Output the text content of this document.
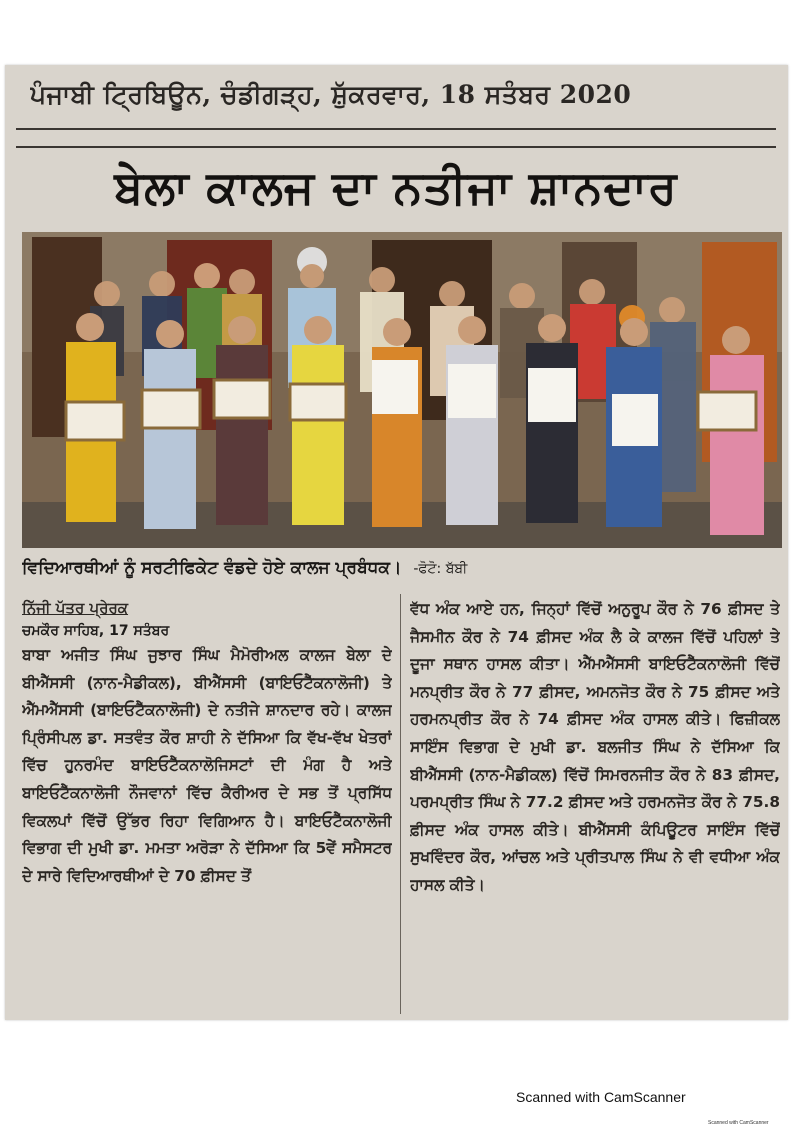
ਪੰਜਾਬੀ ਟ੍ਰਿਬਿਊਨ, ਚੰਡੀਗੜ੍ਹ, ਸ਼ੁੱਕਰਵਾਰ, 18 ਸਤੰਬਰ 2020
ਬੇਲਾ ਕਾਲਜ ਦਾ ਨਤੀਜਾ ਸ਼ਾਨਦਾਰ
ਵਿਦਿਆਰਥੀਆਂ ਨੂੰ ਸਰਟੀਫਿਕੇਟ ਵੰਡਦੇ ਹੋਏ ਕਾਲਜ ਪ੍ਰਬੰਧਕ। -ਫੋਟੋ: ਬੱਬੀ
ਨਿੱਜੀ ਪੱਤਰ ਪ੍ਰੇਰਕ
ਚਮਕੌਰ ਸਾਹਿਬ, 17 ਸਤੰਬਰ
ਬਾਬਾ ਅਜੀਤ ਸਿੰਘ ਜੁਝਾਰ ਸਿੰਘ ਮੈਮੋਰੀਅਲ ਕਾਲਜ ਬੇਲਾ ਦੇ ਬੀਐੱਸਸੀ (ਨਾਨ-ਮੈਡੀਕਲ), ਬੀਐੱਸਸੀ (ਬਾਇਓਟੈੱਕਨਾਲੋਜੀ) ਤੇ ਐੱਮਐੱਸਸੀ (ਬਾਇਓਟੈੱਕਨਾਲੋਜੀ) ਦੇ ਨਤੀਜੇ ਸ਼ਾਨਦਾਰ ਰਹੇ। ਕਾਲਜ ਪ੍ਰਿੰਸੀਪਲ ਡਾ. ਸਤਵੰਤ ਕੌਰ ਸ਼ਾਹੀ ਨੇ ਦੱਸਿਆ ਕਿ ਵੱਖ-ਵੱਖ ਖੇਤਰਾਂ ਵਿੱਚ ਹੁਨਰਮੰਦ ਬਾਇਓਟੈੱਕਨਾਲੋਜਿਸਟਾਂ ਦੀ ਮੰਗ ਹੈ ਅਤੇ ਬਾਇਓਟੈੱਕਨਾਲੋਜੀ ਨੌਜਵਾਨਾਂ ਵਿੱਚ ਕੈਰੀਅਰ ਦੇ ਸਭ ਤੋਂ ਪ੍ਰਸਿੱਧ ਵਿਕਲਪਾਂ ਵਿੱਚੋਂ ਉੱਭਰ ਰਿਹਾ ਵਿਗਿਆਨ ਹੈ। ਬਾਇਓਟੈੱਕਨਾਲੋਜੀ ਵਿਭਾਗ ਦੀ ਮੁਖੀ ਡਾ. ਮਮਤਾ ਅਰੋੜਾ ਨੇ ਦੱਸਿਆ ਕਿ 5ਵੇਂ ਸਮੈਸਟਰ ਦੇ ਸਾਰੇ ਵਿਦਿਆਰਥੀਆਂ ਦੇ 70 ਫ਼ੀਸਦ ਤੋਂ
ਵੱਧ ਅੰਕ ਆਏ ਹਨ, ਜਿਨ੍ਹਾਂ ਵਿੱਚੋਂ ਅਨੁਰੂਪ ਕੌਰ ਨੇ 76 ਫ਼ੀਸਦ ਤੇ ਜੈਸਮੀਨ ਕੌਰ ਨੇ 74 ਫ਼ੀਸਦ ਅੰਕ ਲੈ ਕੇ ਕਾਲਜ ਵਿੱਚੋਂ ਪਹਿਲਾਂ ਤੇ ਦੂਜਾ ਸਥਾਨ ਹਾਸਲ ਕੀਤਾ। ਐੱਮਐੱਸਸੀ ਬਾਇਓਟੈੱਕਨਾਲੋਜੀ ਵਿੱਚੋਂ ਮਨਪ੍ਰੀਤ ਕੌਰ ਨੇ 77 ਫ਼ੀਸਦ, ਅਮਨਜੋਤ ਕੌਰ ਨੇ 75 ਫ਼ੀਸਦ ਅਤੇ ਹਰਮਨਪ੍ਰੀਤ ਕੌਰ ਨੇ 74 ਫ਼ੀਸਦ ਅੰਕ ਹਾਸਲ ਕੀਤੇ। ਫਿਜ਼ੀਕਲ ਸਾਇੰਸ ਵਿਭਾਗ ਦੇ ਮੁਖੀ ਡਾ. ਬਲਜੀਤ ਸਿੰਘ ਨੇ ਦੱਸਿਆ ਕਿ ਬੀਐੱਸਸੀ (ਨਾਨ-ਮੈਡੀਕਲ) ਵਿੱਚੋਂ ਸਿਮਰਨਜੀਤ ਕੌਰ ਨੇ 83 ਫ਼ੀਸਦ, ਪਰਮਪ੍ਰੀਤ ਸਿੰਘ ਨੇ 77.2 ਫ਼ੀਸਦ ਅਤੇ ਹਰਮਨਜੋਤ ਕੌਰ ਨੇ 75.8 ਫ਼ੀਸਦ ਅੰਕ ਹਾਸਲ ਕੀਤੇ। ਬੀਐੱਸਸੀ ਕੰਪਿਊਟਰ ਸਾਇੰਸ ਵਿੱਚੋਂ ਸੁਖਵਿੰਦਰ ਕੌਰ, ਆਂਚਲ ਅਤੇ ਪ੍ਰੀਤਪਾਲ ਸਿੰਘ ਨੇ ਵੀ ਵਧੀਆ ਅੰਕ ਹਾਸਲ ਕੀਤੇ।
Scanned with CamScanner
Scanned with CamScanner
